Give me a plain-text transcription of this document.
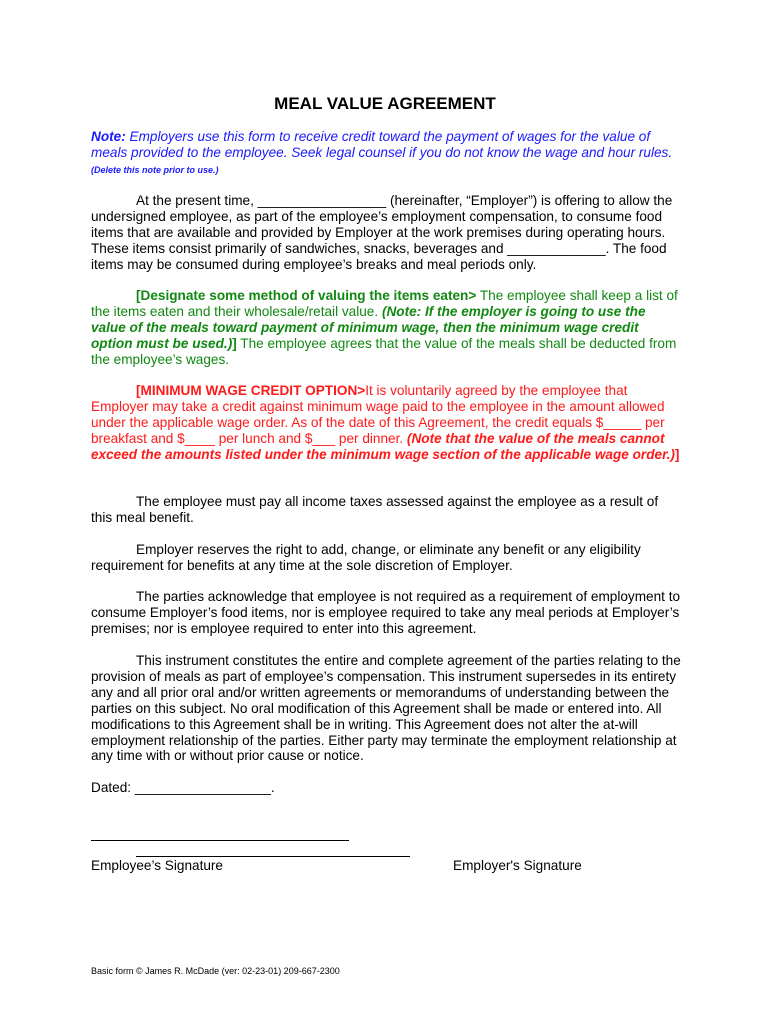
MEAL VALUE AGREEMENT
Note: Employers use this form to receive credit toward the payment of wages for the value of meals provided to the employee. Seek legal counsel if you do not know the wage and hour rules. (Delete this note prior to use.)
At the present time, _________________ (hereinafter, “Employer”) is offering to allow the undersigned employee, as part of the employee’s employment compensation, to consume food items that are available and provided by Employer at the work premises during operating hours. These items consist primarily of sandwiches, snacks, beverages and _____________. The food items may be consumed during employee’s breaks and meal periods only.
[Designate some method of valuing the items eaten> The employee shall keep a list of the items eaten and their wholesale/retail value. (Note: If the employer is going to use the value of the meals toward payment of minimum wage, then the minimum wage credit option must be used.)] The employee agrees that the value of the meals shall be deducted from the employee’s wages.
[MINIMUM WAGE CREDIT OPTION>It is voluntarily agreed by the employee that Employer may take a credit against minimum wage paid to the employee in the amount allowed under the applicable wage order. As of the date of this Agreement, the credit equals $_____ per breakfast and $____ per lunch and $___ per dinner. (Note that the value of the meals cannot exceed the amounts listed under the minimum wage section of the applicable wage order.)]
The employee must pay all income taxes assessed against the employee as a result of this meal benefit.
Employer reserves the right to add, change, or eliminate any benefit or any eligibility requirement for benefits at any time at the sole discretion of Employer.
The parties acknowledge that employee is not required as a requirement of employment to consume Employer’s food items, nor is employee required to take any meal periods at Employer’s premises; nor is employee required to enter into this agreement.
This instrument constitutes the entire and complete agreement of the parties relating to the provision of meals as part of employee’s compensation. This instrument supersedes in its entirety any and all prior oral and/or written agreements or memorandums of understanding between the parties on this subject. No oral modification of this Agreement shall be made or entered into. All modifications to this Agreement shall be in writing. This Agreement does not alter the at-will employment relationship of the parties. Either party may terminate the employment relationship at any time with or without prior cause or notice.
Dated: __________________.
Employee’s Signature	Employer's Signature
Basic form © James R. McDade (ver: 02-23-01) 209-667-2300
